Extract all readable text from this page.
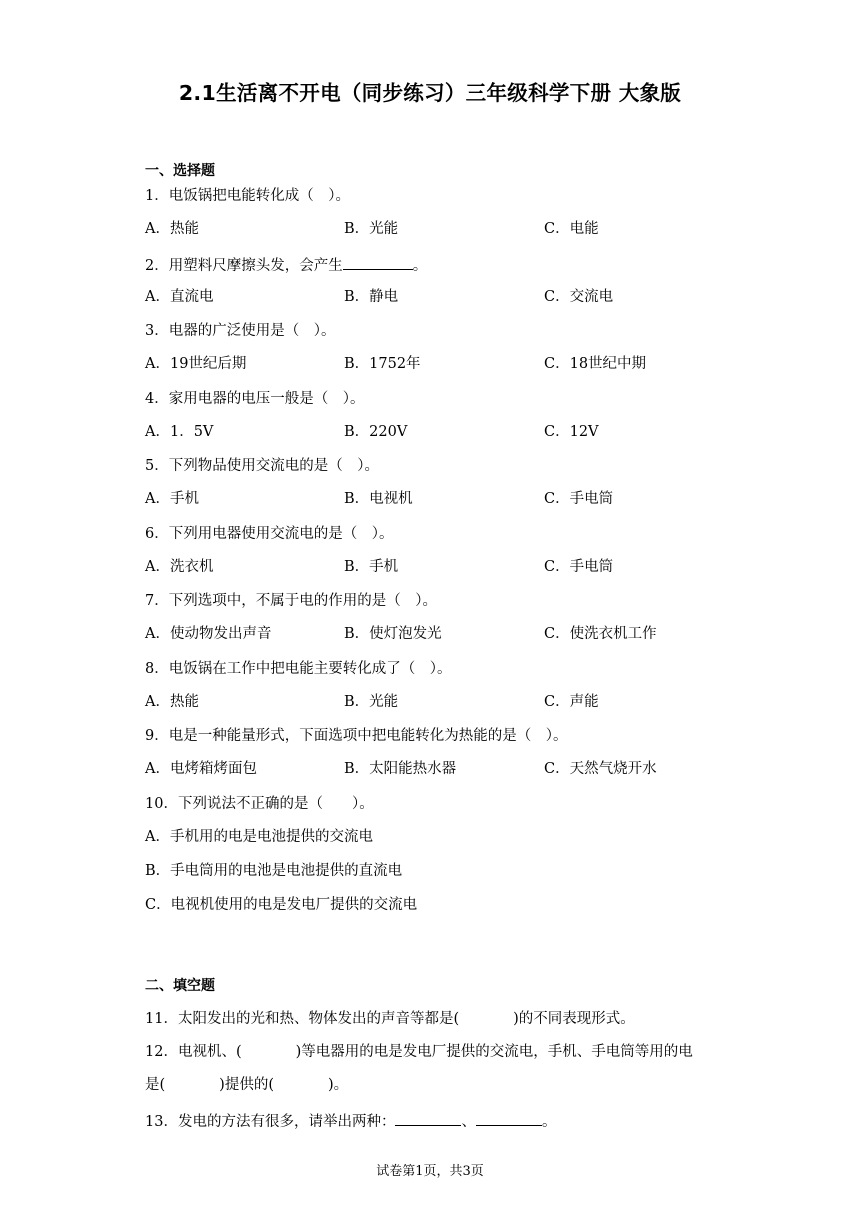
2.1生活离不开电（同步练习）三年级科学下册 大象版
一、选择题
1．电饭锅把电能转化成（　）。
A．热能	B．光能	C．电能
2．用塑料尺摩擦头发，会产生	。
A．直流电	B．静电	C．交流电
3．电器的广泛使用是（　）。
A．19世纪后期	B．1752年	C．18世纪中期
4．家用电器的电压一般是（　）。
A．1．5V	B．220V	C．12V
5．下列物品使用交流电的是（　）。
A．手机	B．电视机	C．手电筒
6．下列用电器使用交流电的是（　）。
A．洗衣机	B．手机	C．手电筒
7．下列选项中，不属于电的作用的是（　）。
A．使动物发出声音	B．使灯泡发光	C．使洗衣机工作
8．电饭锅在工作中把电能主要转化成了（　）。
A．热能	B．光能	C．声能
9．电是一种能量形式，下面选项中把电能转化为热能的是（　）。
A．电烤箱烤面包	B．太阳能热水器	C．天然气烧开水
10．下列说法不正确的是（　　）。
A．手机用的电是电池提供的交流电
B．手电筒用的电池是电池提供的直流电
C．电视机使用的电是发电厂提供的交流电
二、填空题
11．太阳发出的光和热、物体发出的声音等都是(	)的不同表现形式。
12．电视机、(	)等电器用的电是发电厂提供的交流电，手机、手电筒等用的电
是(	)提供的(	)。
13．发电的方法有很多，请举出两种：	、	。
试卷第1页，共3页
